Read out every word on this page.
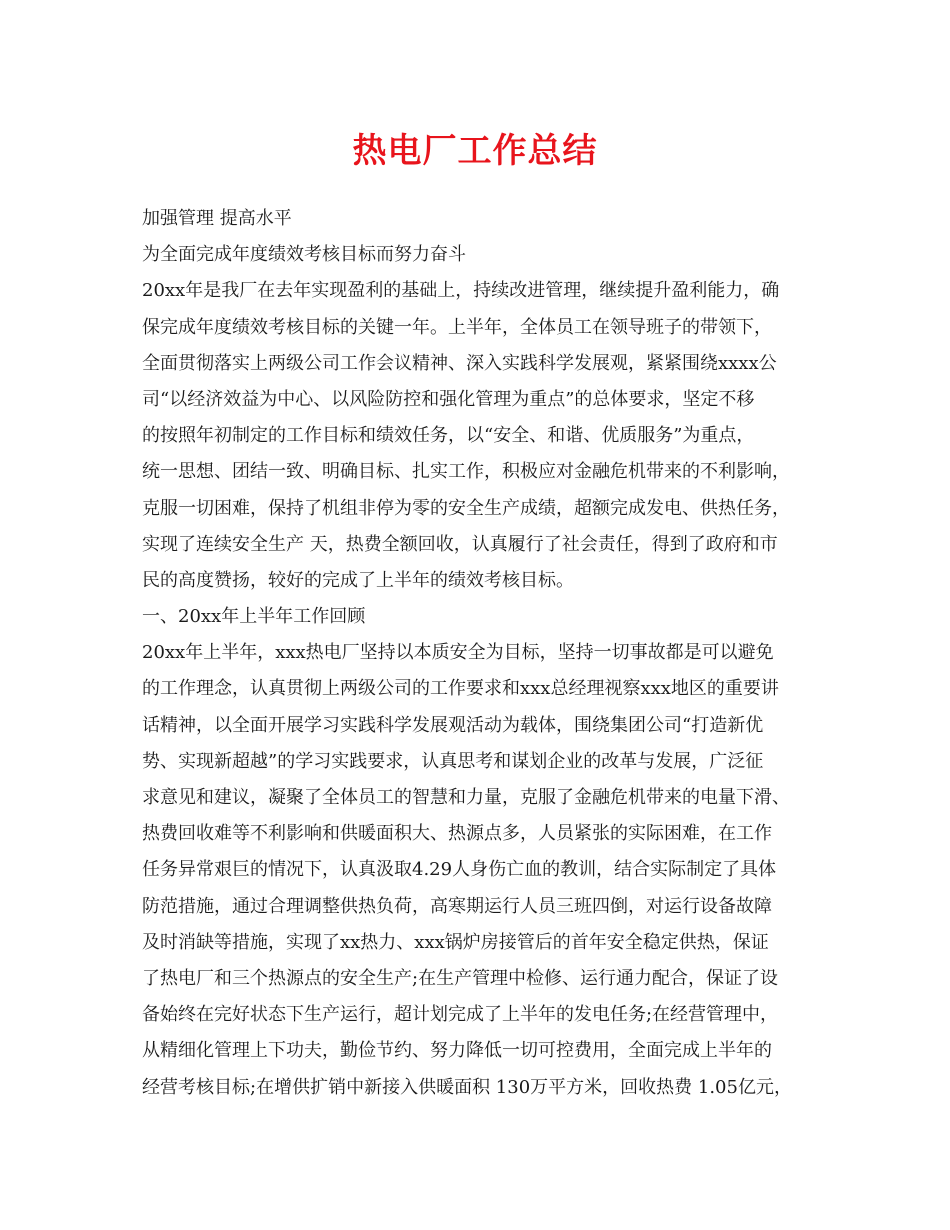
热电厂工作总结
加强管理 提高水平
为全面完成年度绩效考核目标而努力奋斗
20xx年是我厂在去年实现盈利的基础上，持续改进管理，继续提升盈利能力，确
保完成年度绩效考核目标的关键一年。上半年，全体员工在领导班子的带领下，
全面贯彻落实上两级公司工作会议精神、深入实践科学发展观，紧紧围绕xxxx公
司“以经济效益为中心、以风险防控和强化管理为重点”的总体要求，坚定不移
的按照年初制定的工作目标和绩效任务，以“安全、和谐、优质服务”为重点，
统一思想、团结一致、明确目标、扎实工作，积极应对金融危机带来的不利影响，
克服一切困难，保持了机组非停为零的安全生产成绩，超额完成发电、供热任务，
实现了连续安全生产 天，热费全额回收，认真履行了社会责任，得到了政府和市
民的高度赞扬，较好的完成了上半年的绩效考核目标。
一、20xx年上半年工作回顾
20xx年上半年，xxx热电厂坚持以本质安全为目标，坚持一切事故都是可以避免
的工作理念，认真贯彻上两级公司的工作要求和xxx总经理视察xxx地区的重要讲
话精神，以全面开展学习实践科学发展观活动为载体，围绕集团公司“打造新优
势、实现新超越”的学习实践要求，认真思考和谋划企业的改革与发展，广泛征
求意见和建议，凝聚了全体员工的智慧和力量，克服了金融危机带来的电量下滑、
热费回收难等不利影响和供暖面积大、热源点多，人员紧张的实际困难，在工作
任务异常艰巨的情况下，认真汲取4.29人身伤亡血的教训，结合实际制定了具体
防范措施，通过合理调整供热负荷，高寒期运行人员三班四倒，对运行设备故障
及时消缺等措施，实现了xx热力、xxx锅炉房接管后的首年安全稳定供热，保证
了热电厂和三个热源点的安全生产;在生产管理中检修、运行通力配合，保证了设
备始终在完好状态下生产运行，超计划完成了上半年的发电任务;在经营管理中，
从精细化管理上下功夫，勤俭节约、努力降低一切可控费用，全面完成上半年的
经营考核目标;在增供扩销中新接入供暖面积 130万平方米，回收热费 1.05亿元，
